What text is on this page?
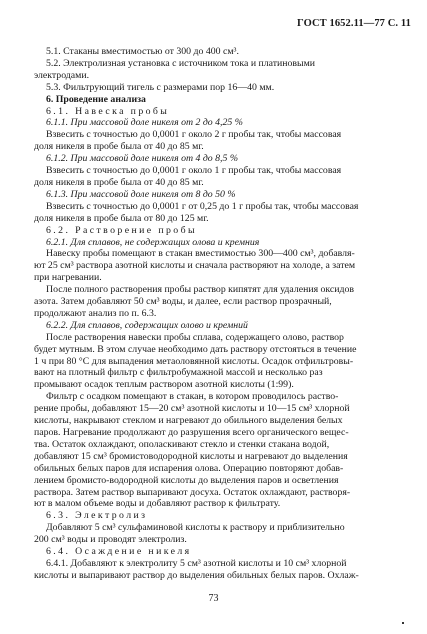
ГОСТ 1652.11—77 С. 11
5.1. Стаканы вместимостью от 300 до 400 см³.
5.2. Электролизная установка с источником тока и платиновыми
электродами.
5.3. Фильтрующий тигель с размерами пор 16—40 мм.
6. Проведение анализа
6.1. Навеска пробы
6.1.1. При массовой доле никеля от 2 до 4,25 %
Взвесить с точностью до 0,0001 г около 2 г пробы так, чтобы массовая
доля никеля в пробе была от 40 до 85 мг.
6.1.2. При массовой доле никеля от 4 до 8,5 %
Взвесить с точностью до 0,0001 г около 1 г пробы так, чтобы массовая
доля никеля в пробе была от 40 до 85 мг.
6.1.3. При массовой доле никеля от 8 до 50 %
Взвесить с точностью до 0,0001 г от 0,25 до 1 г пробы так, чтобы массовая
доля никеля в пробе была от 80 до 125 мг.
6.2. Растворение пробы
6.2.1. Для сплавов, не содержащих олова и кремния
Навеску пробы помещают в стакан вместимостью 300—400 см³, добавля-
ют 25 см³ раствора азотной кислоты и сначала растворяют на холоде, а затем
при нагревании.
После полного растворения пробы раствор кипятят для удаления оксидов
азота. Затем добавляют 50 см³ воды, и далее, если раствор прозрачный,
продолжают анализ по п. 6.3.
6.2.2. Для сплавов, содержащих олово и кремний
После растворения навески пробы сплава, содержащего олово, раствор
будет мутным. В этом случае необходимо дать раствору отстояться в течение
1 ч при 80 °С для выпадения метаоловянной кислоты. Осадок отфильтровы-
вают на плотный фильтр с фильтробумажной массой и несколько раз
промывают осадок теплым раствором азотной кислоты (1:99).
Фильтр с осадком помещают в стакан, в котором проводилось раство-
рение пробы, добавляют 15—20 см³ азотной кислоты и 10—15 см³ хлорной
кислоты, накрывают стеклом и нагревают до обильного выделения белых
паров. Нагревание продолжают до разрушения всего органического вещес-
тва. Остаток охлаждают, ополаскивают стекло и стенки стакана водой,
добавляют 15 см³ бромистоводородной кислоты и нагревают до выделения
обильных белых паров для испарения олова. Операцию повторяют добав-
лением бромисто-водородной кислоты до выделения паров и осветления
раствора. Затем раствор выпаривают досуха. Остаток охлаждают, растворя-
ют в малом объеме воды и добавляют раствор к фильтрату.
6.3. Электролиз
Добавляют 5 см³ сульфаминовой кислоты к раствору и приблизительно
200 см³ воды и проводят электролиз.
6.4. Осаждение никеля
6.4.1. Добавляют к электролиту 5 см³ азотной кислоты и 10 см³ хлорной
кислоты и выпаривают раствор до выделения обильных белых паров. Охлаж-
73
